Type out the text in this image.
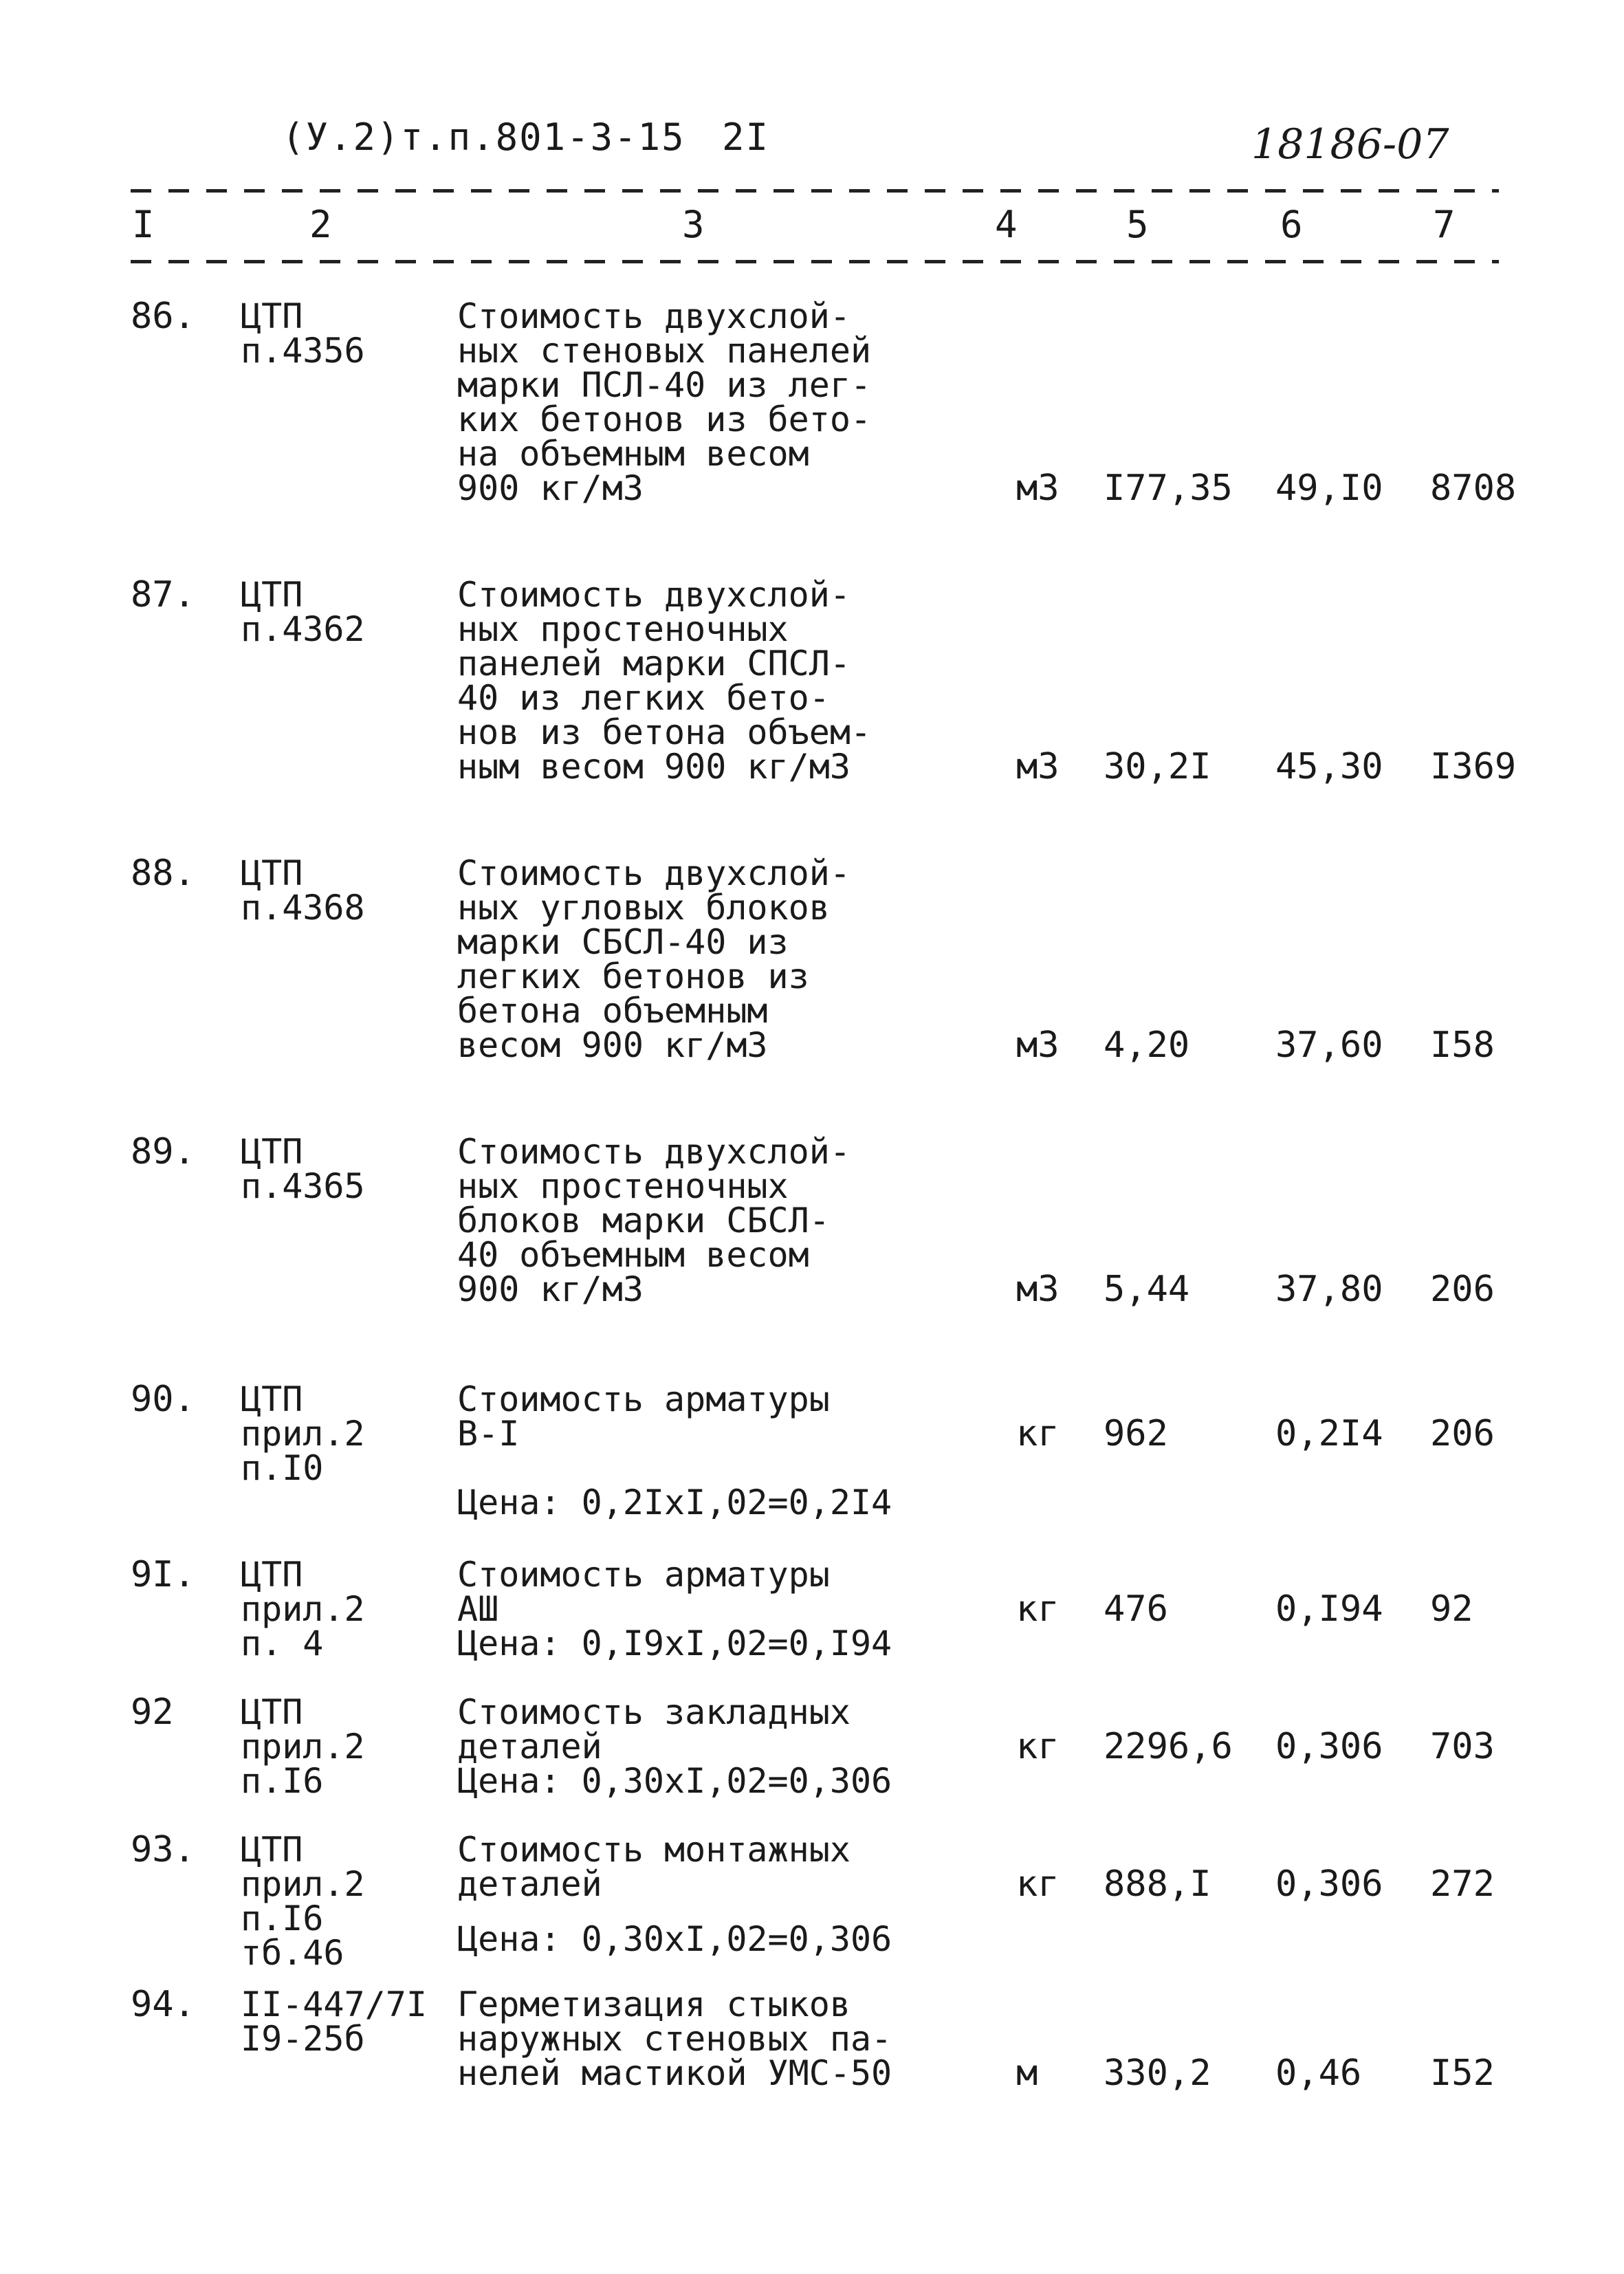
(У.2)т.п.801-3-15 2I	18186-07
I	2	3	4	5	6	7
86. ЦТП
п.4356
Стоимость двухслой-
ных стеновых панелей
марки ПСЛ-40 из лег-
ких бетонов из бето-
на объемным весом
900 кг/м3	м3 I77,35 49,I0 8708
87. ЦТП
п.4362
Стоимость двухслой-
ных простеночных
панелей марки СПСЛ-
40 из легких бето-
нов из бетона объем-
ным весом 900 кг/м3	м3 30,2I 45,30 I369
88. ЦТП
п.4368
Стоимость двухслой-
ных угловых блоков
марки СБСЛ-40 из
легких бетонов из
бетона объемным
весом 900 кг/м3	м3 4,20 37,60 I58
89. ЦТП
п.4365
Стоимость двухслой-
ных простеночных
блоков марки СБСЛ-
40 объемным весом
900 кг/м3	м3 5,44 37,80 206
90. ЦТП
прил.2
п.I0
Стоимость арматуры
В-I
Цена: 0,2IхI,02=0,2I4
кг 962	0,2I4 206
9I. ЦТП
прил.2
п. 4
Стоимость арматуры
АШ
Цена: 0,I9хI,02=0,I94
кг 476	0,I94 92
92 ЦТП
прил.2
п.I6
Стоимость закладных
деталей
Цена: 0,30хI,02=0,306
кг 2296,6 0,306 703
93. ЦТП
прил.2
п.I6
тб.46
Стоимость монтажных
деталей
Цена: 0,30хI,02=0,306
кг 888,I 0,306 272
94. II-447/7I
I9-25б
Герметизация стыков
наружных стеновых па-
нелей мастикой УМС-50	м 330,2 0,46 I52
